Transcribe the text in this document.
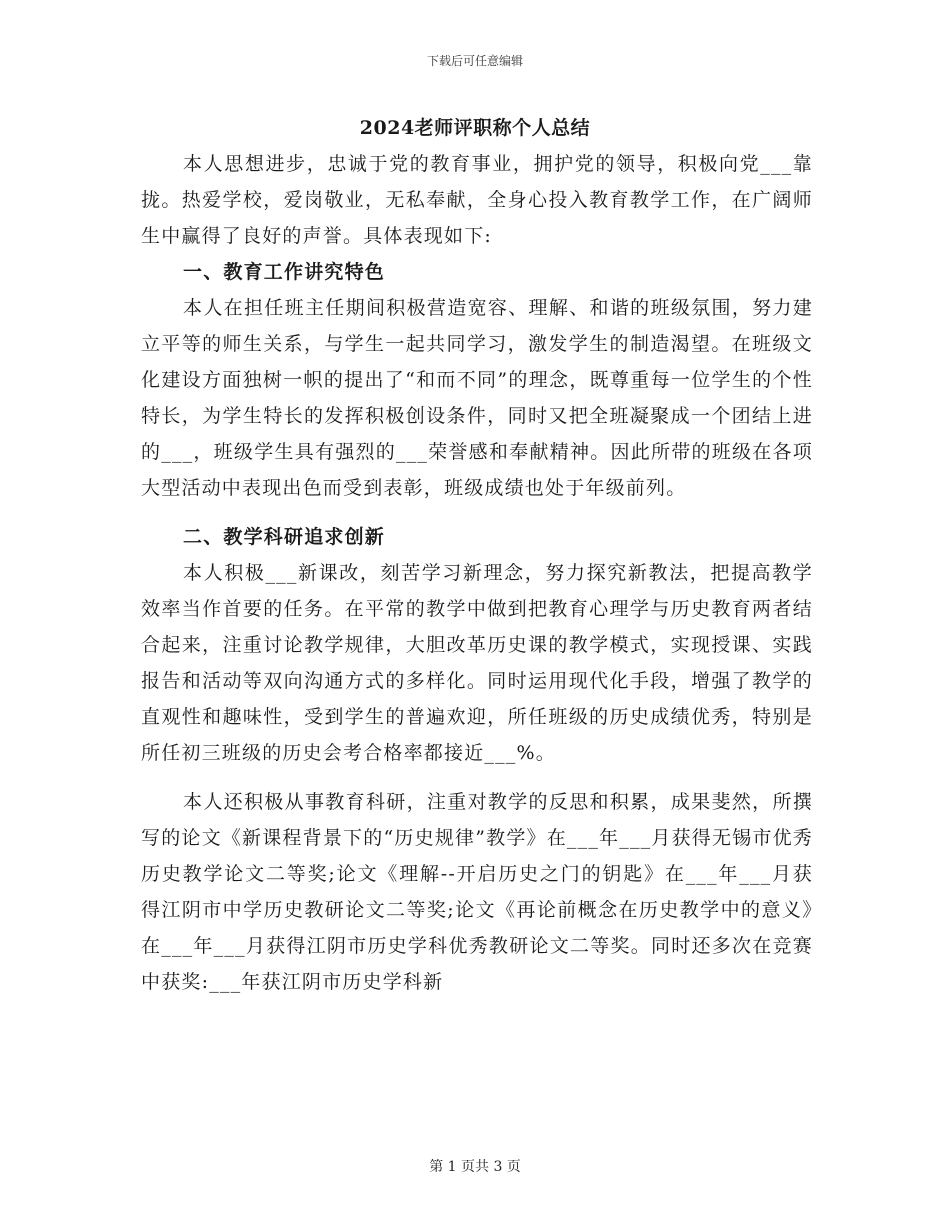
下载后可任意编辑
2024老师评职称个人总结

本人思想进步，忠诚于党的教育事业，拥护党的领导，积极向党___靠拢。热爱学校，爱岗敬业，无私奉献，全身心投入教育教学工作，在广阔师生中赢得了良好的声誉。具体表现如下:

一、教育工作讲究特色

本人在担任班主任期间积极营造宽容、理解、和谐的班级氛围，努力建立平等的师生关系，与学生一起共同学习，激发学生的制造渴望。在班级文化建设方面独树一帜的提出了“和而不同”的理念，既尊重每一位学生的个性特长，为学生特长的发挥积极创设条件，同时又把全班凝聚成一个团结上进的___，班级学生具有强烈的___荣誉感和奉献精神。因此所带的班级在各项大型活动中表现出色而受到表彰，班级成绩也处于年级前列。

二、教学科研追求创新

本人积极___新课改，刻苦学习新理念，努力探究新教法，把提高教学效率当作首要的任务。在平常的教学中做到把教育心理学与历史教育两者结合起来，注重讨论教学规律，大胆改革历史课的教学模式，实现授课、实践报告和活动等双向沟通方式的多样化。同时运用现代化手段，增强了教学的直观性和趣味性，受到学生的普遍欢迎，所任班级的历史成绩优秀，特别是所任初三班级的历史会考合格率都接近___%。

本人还积极从事教育科研，注重对教学的反思和积累，成果斐然，所撰写的论文《新课程背景下的“历史规律”教学》在___年___月获得无锡市优秀历史教学论文二等奖;论文《理解--开启历史之门的钥匙》在___年___月获得江阴市中学历史教研论文二等奖;论文《再论前概念在历史教学中的意义》在___年___月获得江阴市历史学科优秀教研论文二等奖。同时还多次在竞赛中获奖:___年获江阴市历史学科新

第 1 页共 3 页
